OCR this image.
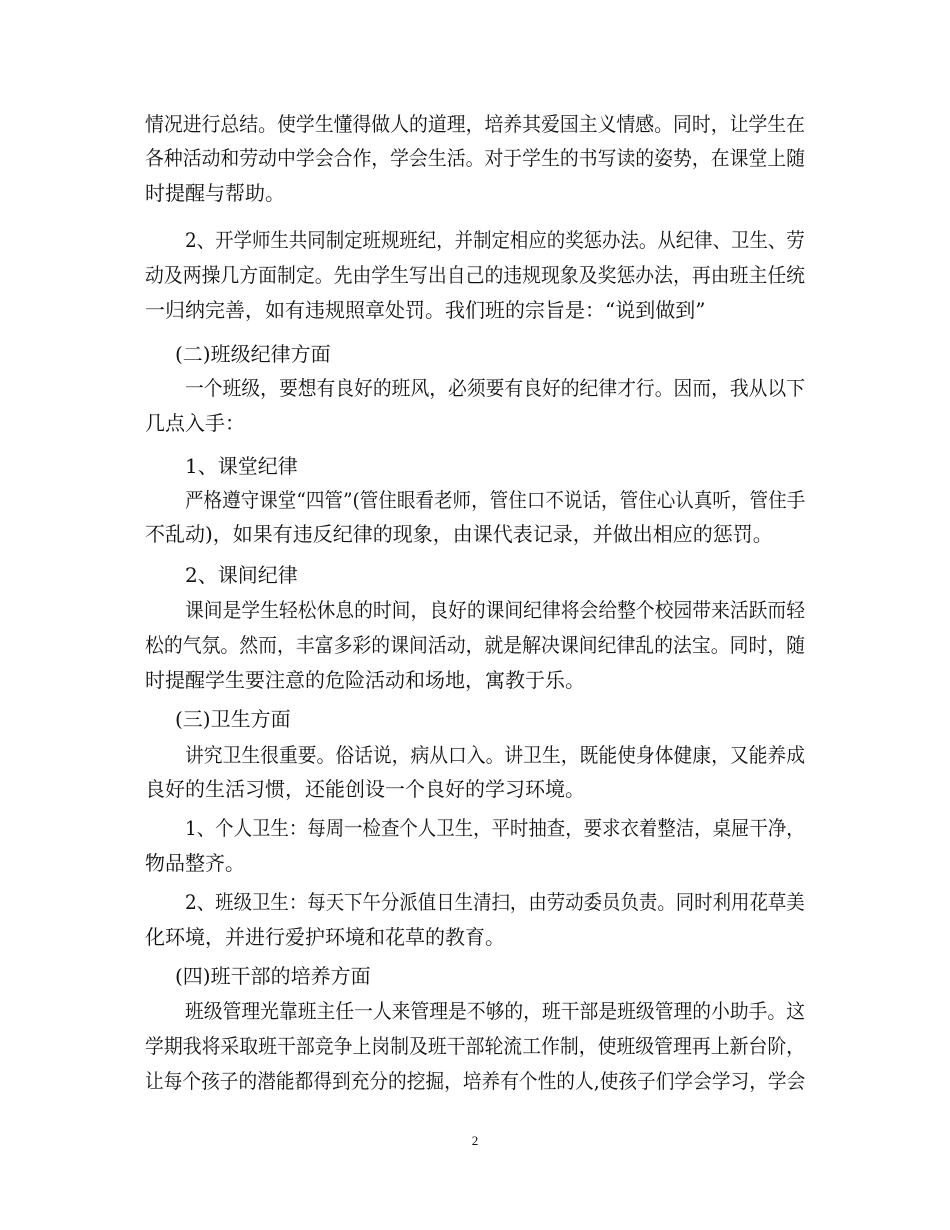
情况进行总结。使学生懂得做人的道理，培养其爱国主义情感。同时，让学生在
各种活动和劳动中学会合作，学会生活。对于学生的书写读的姿势，在课堂上随
时提醒与帮助。
2、开学师生共同制定班规班纪，并制定相应的奖惩办法。从纪律、卫生、劳
动及两操几方面制定。先由学生写出自己的违规现象及奖惩办法，再由班主任统
一归纳完善，如有违规照章处罚。我们班的宗旨是：“说到做到”
(二)班级纪律方面
一个班级，要想有良好的班风，必须要有良好的纪律才行。因而，我从以下
几点入手：
1、课堂纪律
严格遵守课堂“四管”(管住眼看老师，管住口不说话，管住心认真听，管住手
不乱动)，如果有违反纪律的现象，由课代表记录，并做出相应的惩罚。
2、课间纪律
课间是学生轻松休息的时间，良好的课间纪律将会给整个校园带来活跃而轻
松的气氛。然而，丰富多彩的课间活动，就是解决课间纪律乱的法宝。同时，随
时提醒学生要注意的危险活动和场地，寓教于乐。
(三)卫生方面
讲究卫生很重要。俗话说，病从口入。讲卫生，既能使身体健康，又能养成
良好的生活习惯，还能创设一个良好的学习环境。
1、个人卫生：每周一检查个人卫生，平时抽查，要求衣着整洁，桌屉干净，
物品整齐。
2、班级卫生：每天下午分派值日生清扫，由劳动委员负责。同时利用花草美
化环境，并进行爱护环境和花草的教育。
(四)班干部的培养方面
班级管理光靠班主任一人来管理是不够的，班干部是班级管理的小助手。这
学期我将采取班干部竞争上岗制及班干部轮流工作制，使班级管理再上新台阶，
让每个孩子的潜能都得到充分的挖掘，培养有个性的人,使孩子们学会学习，学会
2
